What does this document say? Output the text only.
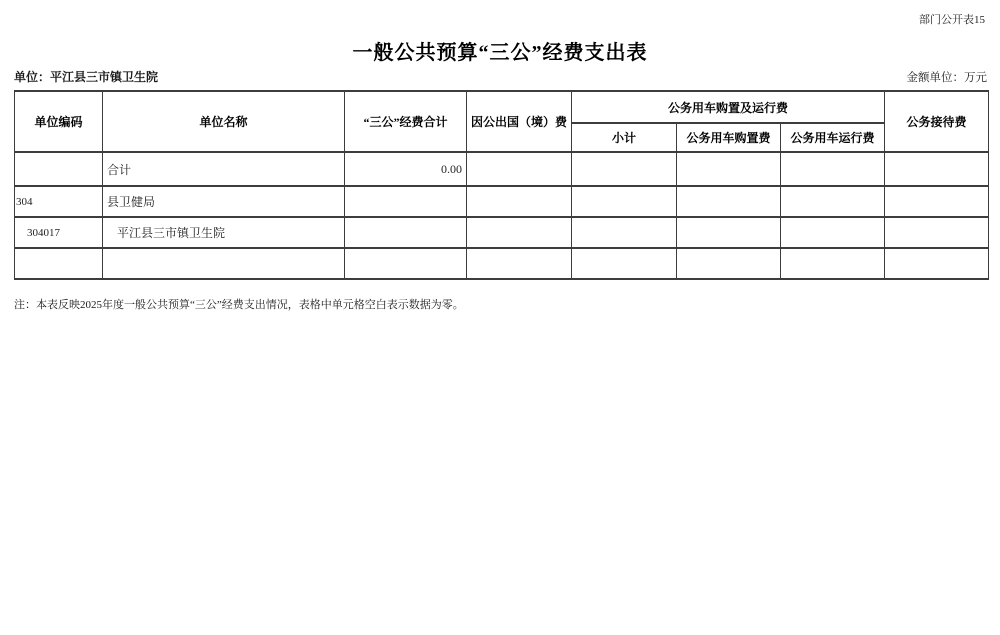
部门公开表15
一般公共预算“三公”经费支出表
单位：平江县三市镇卫生院	金额单位：万元
单位编码	单位名称	“三公”经费合计	因公出国（境）费	公务用车购置及运行费			公务接待费
				小计	公务用车购置费	公务用车运行费	
	合计	0.00					
304	县卫健局						
304017	平江县三市镇卫生院						

注：本表反映2025年度一般公共预算“三公”经费支出情况，表格中单元格空白表示数据为零。
